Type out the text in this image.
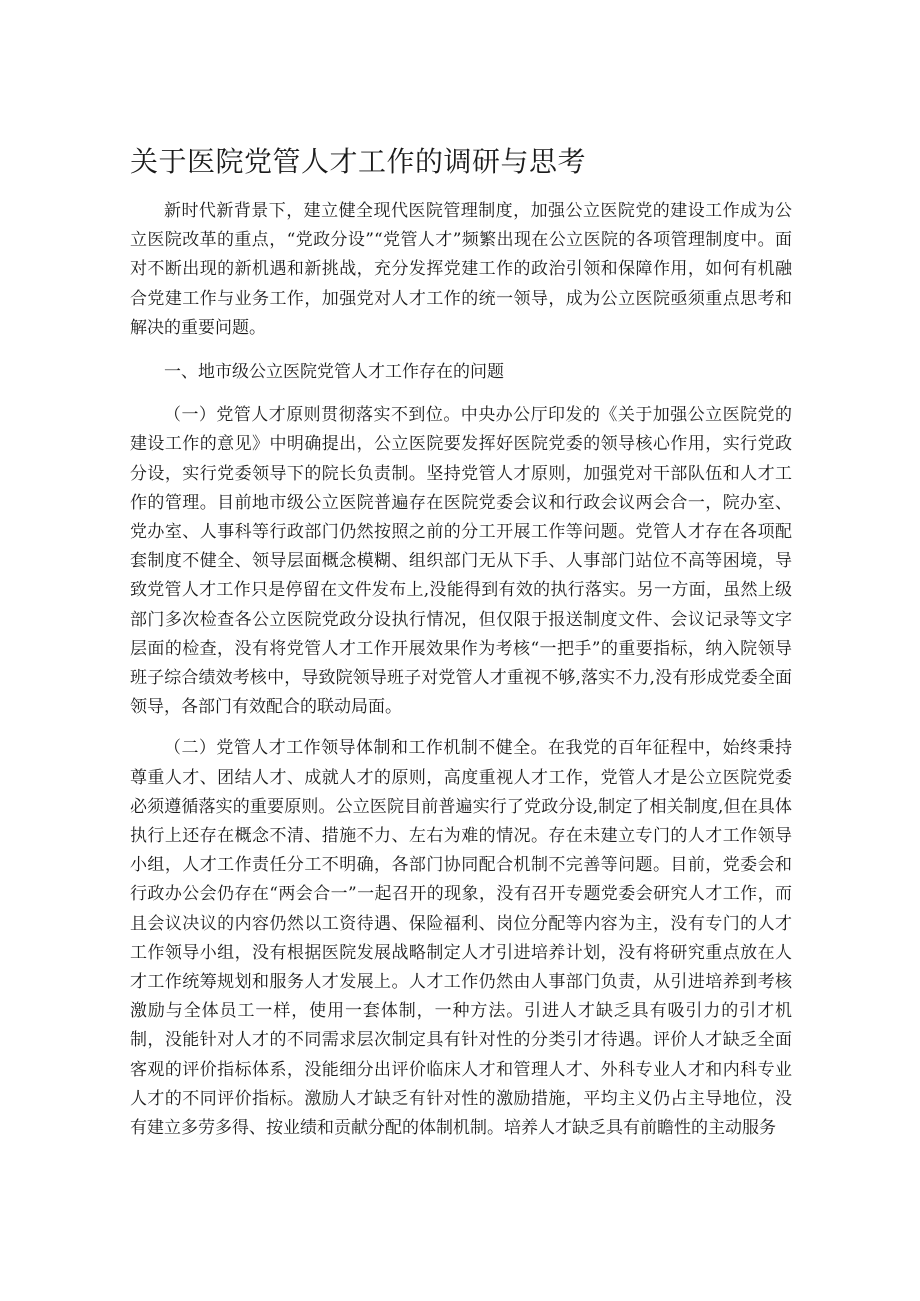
关于医院党管人才工作的调研与思考

新时代新背景下，建立健全现代医院管理制度，加强公立医院党的建设工作成为公立医院改革的重点，“党政分设”“党管人才”频繁出现在公立医院的各项管理制度中。面对不断出现的新机遇和新挑战，充分发挥党建工作的政治引领和保障作用，如何有机融合党建工作与业务工作，加强党对人才工作的统一领导，成为公立医院亟须重点思考和解决的重要问题。

一、地市级公立医院党管人才工作存在的问题

（一）党管人才原则贯彻落实不到位。中央办公厅印发的《关于加强公立医院党的建设工作的意见》中明确提出，公立医院要发挥好医院党委的领导核心作用，实行党政分设，实行党委领导下的院长负责制。坚持党管人才原则，加强党对干部队伍和人才工作的管理。目前地市级公立医院普遍存在医院党委会议和行政会议两会合一，院办室、党办室、人事科等行政部门仍然按照之前的分工开展工作等问题。党管人才存在各项配套制度不健全、领导层面概念模糊、组织部门无从下手、人事部门站位不高等困境，导致党管人才工作只是停留在文件发布上,没能得到有效的执行落实。另一方面，虽然上级部门多次检查各公立医院党政分设执行情况，但仅限于报送制度文件、会议记录等文字层面的检查，没有将党管人才工作开展效果作为考核“一把手”的重要指标，纳入院领导班子综合绩效考核中，导致院领导班子对党管人才重视不够,落实不力,没有形成党委全面领导，各部门有效配合的联动局面。

（二）党管人才工作领导体制和工作机制不健全。在我党的百年征程中，始终秉持尊重人才、团结人才、成就人才的原则，高度重视人才工作，党管人才是公立医院党委必须遵循落实的重要原则。公立医院目前普遍实行了党政分设,制定了相关制度,但在具体执行上还存在概念不清、措施不力、左右为难的情况。存在未建立专门的人才工作领导小组，人才工作责任分工不明确，各部门协同配合机制不完善等问题。目前，党委会和行政办公会仍存在“两会合一”一起召开的现象，没有召开专题党委会研究人才工作，而且会议决议的内容仍然以工资待遇、保险福利、岗位分配等内容为主，没有专门的人才工作领导小组，没有根据医院发展战略制定人才引进培养计划，没有将研究重点放在人才工作统筹规划和服务人才发展上。人才工作仍然由人事部门负责，从引进培养到考核激励与全体员工一样，使用一套体制，一种方法。引进人才缺乏具有吸引力的引才机制，没能针对人才的不同需求层次制定具有针对性的分类引才待遇。评价人才缺乏全面客观的评价指标体系，没能细分出评价临床人才和管理人才、外科专业人才和内科专业人才的不同评价指标。激励人才缺乏有针对性的激励措施，平均主义仍占主导地位，没有建立多劳多得、按业绩和贡献分配的体制机制。培养人才缺乏具有前瞻性的主动服务
